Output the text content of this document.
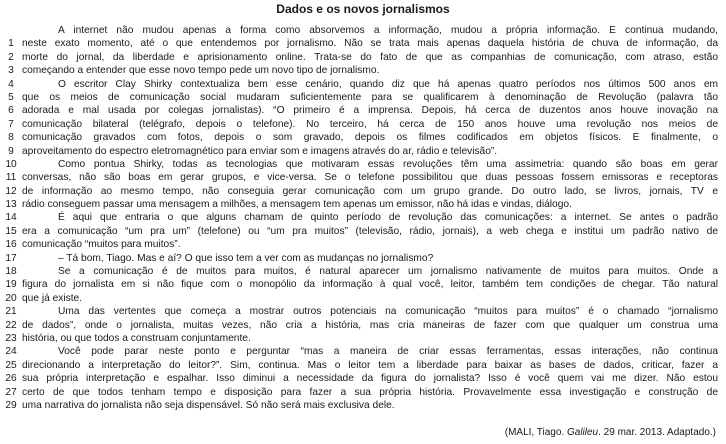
Dados e os novos jornalismos
A internet não mudou apenas a forma como absorvemos a informação, mudou a própria informação. E continua mudando,
1 neste exato momento, até o que entendemos por jornalismo. Não se trata mais apenas daquela história de chuva de informação, da
2 morte do jornal, da liberdade e aprisionamento online. Trata-se do fato de que as companhias de comunicação, com atraso, estão
3 começando a entender que esse novo tempo pede um novo tipo de jornalismo.
4	O escritor Clay Shirky contextualiza bem esse cenário, quando diz que há apenas quatro períodos nos últimos 500 anos em
5 que os meios de comunicação social mudaram suficientemente para se qualificarem à denominação de Revolução (palavra tão
6 adorada e mal usada por colegas jornalistas). “O primeiro é a imprensa. Depois, há cerca de duzentos anos houve inovação na
7 comunicação bilateral (telégrafo, depois o telefone). No terceiro, há cerca de 150 anos houve uma revolução nos meios de
8 comunicação gravados com fotos, depois o som gravado, depois os filmes codificados em objetos físicos. E finalmente, o
9 aproveitamento do espectro eletromagnético para enviar som e imagens através do ar, rádio e televisão”.
10	Como pontua Shirky, todas as tecnologias que motivaram essas revoluções têm uma assimetria: quando são boas em gerar
11 conversas, não são boas em gerar grupos, e vice-versa. Se o telefone possibilitou que duas pessoas fossem emissoras e receptoras
12 de informação ao mesmo tempo, não conseguia gerar comunicação com um grupo grande. Do outro lado, se livros, jornais, TV e
13 rádio conseguem passar uma mensagem a milhões, a mensagem tem apenas um emissor, não há idas e vindas, diálogo.
14	É aqui que entraria o que alguns chamam de quinto período de revolução das comunicações: a internet. Se antes o padrão
15 era a comunicação “um pra um” (telefone) ou “um pra muitos” (televisão, rádio, jornais), a web chega e institui um padrão nativo de
16 comunicação “muitos para muitos”.
17	– Tá bom, Tiago. Mas e aí? O que isso tem a ver com as mudanças no jornalismo?
18	Se a comunicação é de muitos para muitos, é natural aparecer um jornalismo nativamente de muitos para muitos. Onde a
19 figura do jornalista em si não fique com o monopólio da informação à qual você, leitor, também tem condições de chegar. Tão natural
20 que já existe.
21	Uma das vertentes que começa a mostrar outros potenciais na comunicação “muitos para muitos” é o chamado “jornalismo
22 de dados”, onde o jornalista, muitas vezes, não cria a história, mas cria maneiras de fazer com que qualquer um construa uma
23 história, ou que todos a construam conjuntamente.
24	Você pode parar neste ponto e perguntar “mas a maneira de criar essas ferramentas, essas interações, não continua
25 direcionando a interpretação do leitor?”. Sim, continua. Mas o leitor tem a liberdade para baixar as bases de dados, criticar, fazer a
26 sua própria interpretação e espalhar. Isso diminui a necessidade da figura do jornalista? Isso é você quem vai me dizer. Não estou
27 certo de que todos tenham tempo e disposição para fazer a sua própria história. Provavelmente essa investigação e construção de
29 uma narrativa do jornalista não seja dispensável. Só não será mais exclusiva dele.
(MALI, Tiago. Galileu. 29 mar. 2013. Adaptado.)
